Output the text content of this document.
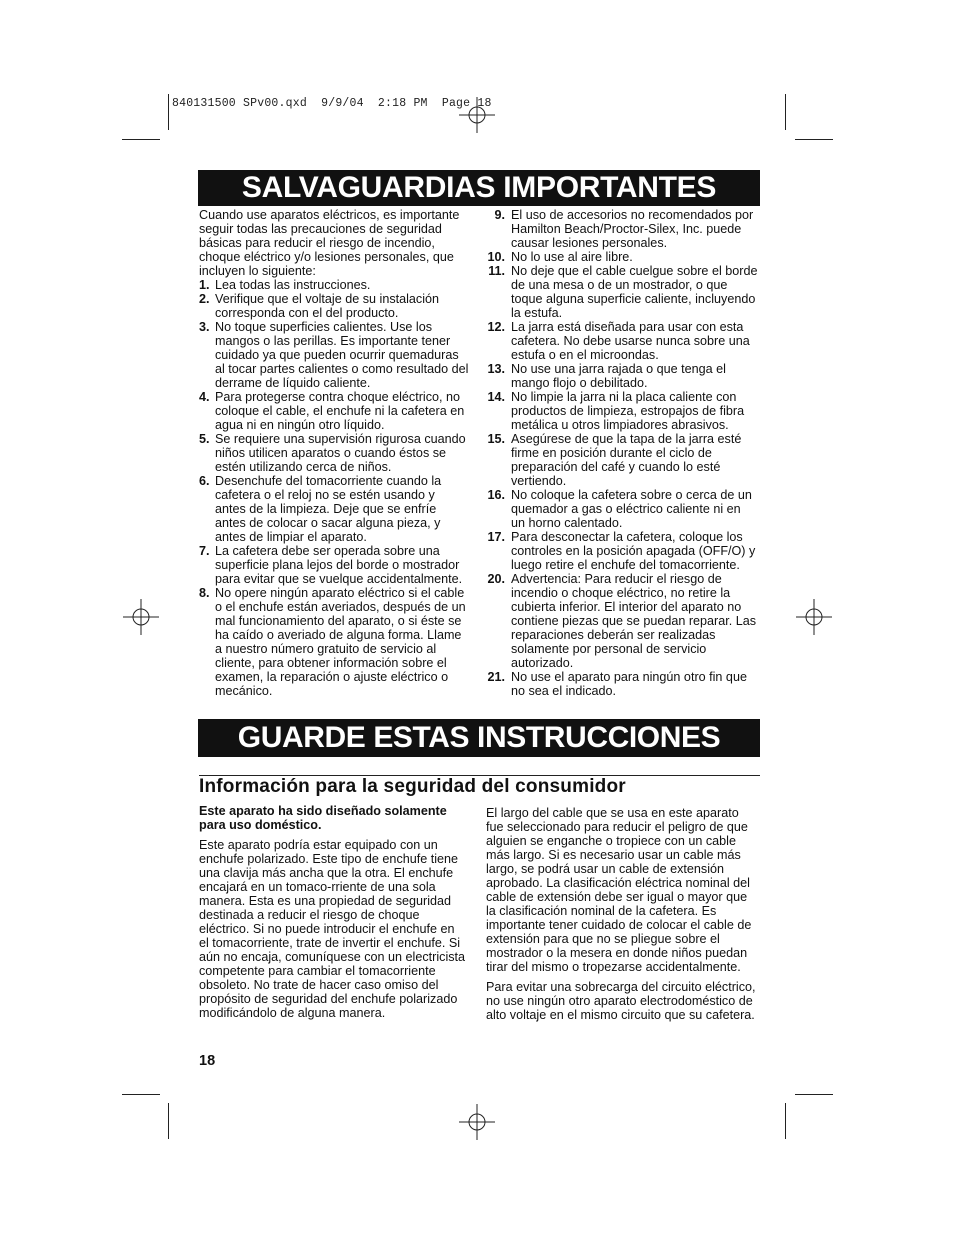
840131500 SPv00.qxd  9/9/04  2:18 PM  Page 18
SALVAGUARDIAS IMPORTANTES

Cuando use aparatos eléctricos, es importante seguir todas las precauciones de seguridad básicas para reducir el riesgo de incendio, choque eléctrico y/o lesiones personales, que incluyen lo siguiente:

1. Lea todas las instrucciones.
2. Verifique que el voltaje de su instalación corresponda con el del producto.
3. No toque superficies calientes. Use los mangos o las perillas. Es importante tener cuidado ya que pueden ocurrir quemaduras al tocar partes calientes o como resultado del derrame de líquido caliente.
4. Para protegerse contra choque eléctrico, no coloque el cable, el enchufe ni la cafetera en agua ni en ningún otro líquido.
5. Se requiere una supervisión rigurosa cuando niños utilicen aparatos o cuando éstos se estén utilizando cerca de niños.
6. Desenchufe del tomacorriente cuando la cafetera o el reloj no se estén usando y antes de la limpieza. Deje que se enfríe antes de colocar o sacar alguna pieza, y antes de limpiar el aparato.
7. La cafetera debe ser operada sobre una superficie plana lejos del borde o mostrador para evitar que se vuelque accidentalmente.
8. No opere ningún aparato eléctrico si el cable o el enchufe están averiados, después de un mal funcionamiento del aparato, o si éste se ha caído o averiado de alguna forma. Llame a nuestro número gratuito de servicio al cliente, para obtener información sobre el examen, la reparación o ajuste eléctrico o mecánico.
9. El uso de accesorios no recomendados por Hamilton Beach/Proctor-Silex, Inc. puede causar lesiones personales.
10. No lo use al aire libre.
11. No deje que el cable cuelgue sobre el borde de una mesa o de un mostrador, o que toque alguna superficie caliente, incluyendo la estufa.
12. La jarra está diseñada para usar con esta cafetera. No debe usarse nunca sobre una estufa o en el microondas.
13. No use una jarra rajada o que tenga el mango flojo o debilitado.
14. No limpie la jarra ni la placa caliente con productos de limpieza, estropajos de fibra metálica u otros limpiadores abrasivos.
15. Asegúrese de que la tapa de la jarra esté firme en posición durante el ciclo de preparación del café y cuando lo esté vertiendo.
16. No coloque la cafetera sobre o cerca de un quemador a gas o eléctrico caliente ni en un horno calentado.
17. Para desconectar la cafetera, coloque los controles en la posición apagada (OFF/O) y luego retire el enchufe del tomacorriente.
20. Advertencia: Para reducir el riesgo de incendio o choque eléctrico, no retire la cubierta inferior. El interior del aparato no contiene piezas que se puedan reparar. Las reparaciones deberán ser realizadas solamente por personal de servicio autorizado.
21. No use el aparato para ningún otro fin que no sea el indicado.
GUARDE ESTAS INSTRUCCIONES
Información para la seguridad del consumidor

Este aparato ha sido diseñado solamente para uso doméstico.

Este aparato podría estar equipado con un enchufe polarizado. Este tipo de enchufe tiene una clavija más ancha que la otra. El enchufe encajará en un tomaco-rriente de una sola manera. Esta es una propiedad de seguridad destinada a reducir el riesgo de choque eléctrico. Si no puede introducir el enchufe en el tomacorriente, trate de invertir el enchufe. Si aún no encaja, comuníquese con un electricista competente para cambiar el tomacorriente obsoleto. No trate de hacer caso omiso del propósito de seguridad del enchufe polarizado modificándolo de alguna manera.

El largo del cable que se usa en este aparato fue seleccionado para reducir el peligro de que alguien se enganche o tropiece con un cable más largo. Si es necesario usar un cable más largo, se podrá usar un cable de extensión aprobado. La clasificación eléctrica nominal del cable de extensión debe ser igual o mayor que la clasificación nominal de la cafetera. Es importante tener cuidado de colocar el cable de extensión para que no se pliegue sobre el mostrador o la mesera en donde niños puedan tirar del mismo o tropezarse accidentalmente.

Para evitar una sobrecarga del circuito eléctrico, no use ningún otro aparato electrodoméstico de alto voltaje en el mismo circuito que su cafetera.

18
